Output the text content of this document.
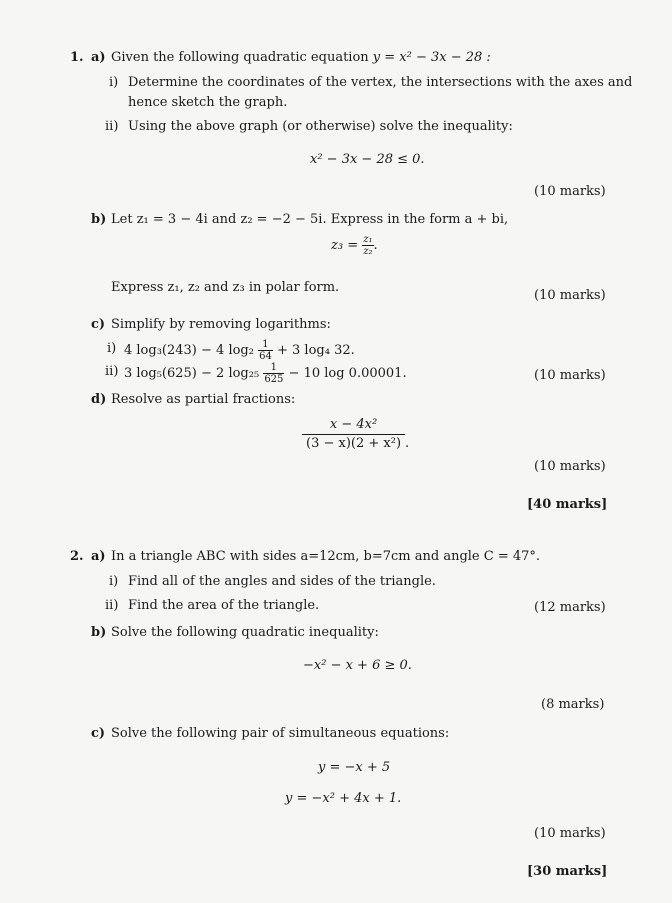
1. a) Given the following quadratic equation y = x² − 3x − 28 :
i) Determine the coordinates of the vertex, the intersections with the axes and
hence sketch the graph.
ii) Using the above graph (or otherwise) solve the inequality:
x² − 3x − 28 ≤ 0.
(10 marks)
b) Let z₁ = 3 − 4i and z₂ = −2 − 5i. Express in the form a + bi,
$z_3 = \frac{\text{z₁}}{\text{z₂}}$ .
Express z₁, z₂ and z₃ in polar form.
(10 marks)
c) Simplify by removing logarithms:
i) 4 log₃(243) − 4 $\log_2 \frac{1}{64} + 3$ log₄ 32.
ii) 3 log₅(625) − 2 $\log_{25} \frac{1}{625} - 10$ log 0.00001.	(10 marks)
d) Resolve as partial fractions:
$\frac{\text{x − 4x²}}{\text{(3 − x)(2 + x²)}}$ .
(10 marks)
[40 marks]
2. a) In a triangle ABC with sides a=12cm, b=7cm and angle C = 47°.
i) Find all of the angles and sides of the triangle.
ii) Find the area of the triangle.	(12 marks)
b) Solve the following quadratic inequality:
−x² − x + 6 ≥ 0.
(8 marks)
c) Solve the following pair of simultaneous equations:
y = −x + 5
y = −x² + 4x + 1.
(10 marks)
[30 marks]
